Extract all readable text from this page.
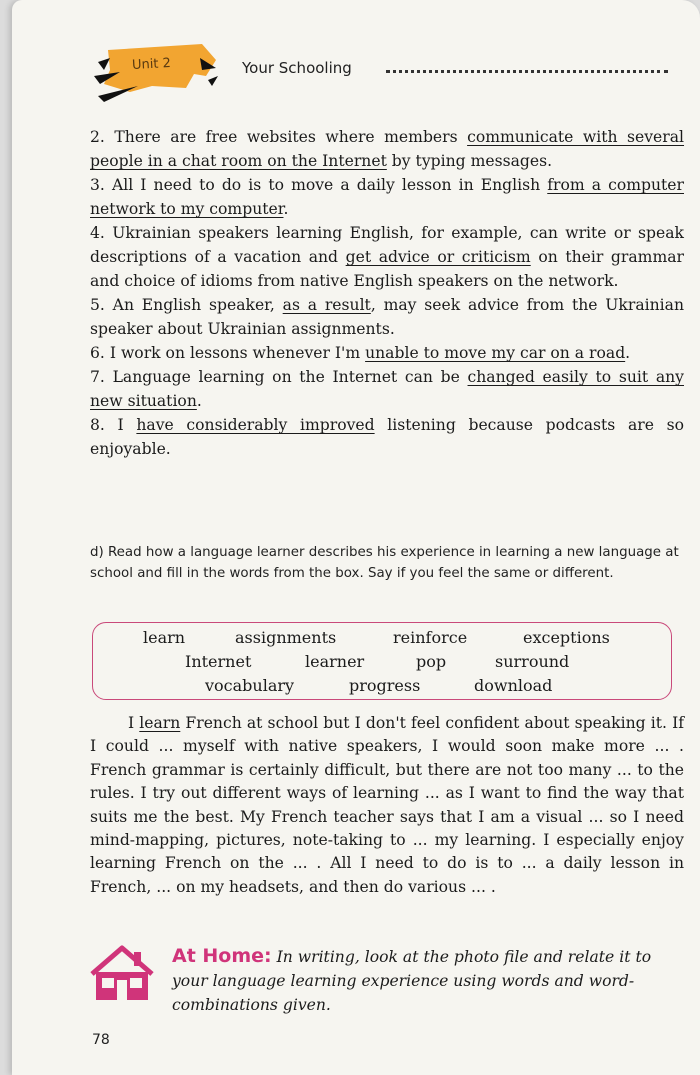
Unit 2	Your Schooling

2. There are free websites where members communicate with several people in a chat room on the Internet by typing messages.

3. All I need to do is to move a daily lesson in English from a computer network to my computer.

4. Ukrainian speakers learning English, for example, can write or speak descriptions of a vacation and get advice or criticism on their grammar and choice of idioms from native English speakers on the network.

5. An English speaker, as a result, may seek advice from the Ukrainian speaker about Ukrainian assignments.

6. I work on lessons whenever I'm unable to move my car on a road.

7. Language learning on the Internet can be changed easily to suit any new situation.

8. I have considerably improved listening because podcasts are so enjoyable.

d) Read how a language learner describes his experience in learning a new language at school and fill in the words from the box. Say if you feel the same or different.
learn	assignments	reinforce	exceptions
Internet	learner	pop	surround
vocabulary	progress	download

I learn French at school but I don't feel confident about speaking it. If I could ... myself with native speakers, I would soon make more ... . French grammar is certainly difficult, but there are not too many ... to the rules. I try out different ways of learning ... as I want to find the way that suits me the best. My French teacher says that I am a visual ... so I need mind-mapping, pictures, note-taking to ... my learning. I especially enjoy learning French on the ... . All I need to do is to ... a daily lesson in French, ... on my headsets, and then do various ... .

At Home: In writing, look at the photo file and relate it to your language learning experience using words and word-combinations given.
78
